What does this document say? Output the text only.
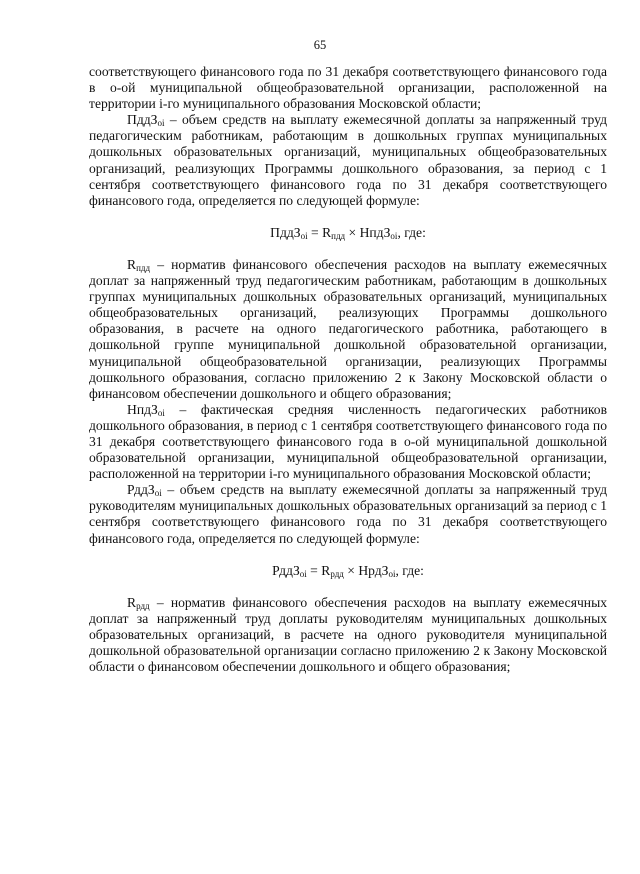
65

соответствующего финансового года по 31 декабря соответствующего финансового года в о-ой муниципальной общеобразовательной организации, расположенной на территории i-го муниципального образования Московской области;

ПддЗ$_{oi}$ – объем средств на выплату ежемесячной доплаты за напряженный труд педагогическим работникам, работающим в дошкольных группах муниципальных дошкольных образовательных организаций, муниципальных общеобразовательных организаций, реализующих Программы дошкольного образования, за период с 1 сентября соответствующего финансового года по 31 декабря соответствующего финансового года, определяется по следующей формуле:

ПддЗ$_{oi}$ = $R_{пдд}$ × НпдЗ$_{oi}$, где:

$R_{пдд}$ – норматив финансового обеспечения расходов на выплату ежемесячных доплат за напряженный труд педагогическим работникам, работающим в дошкольных группах муниципальных дошкольных образовательных организаций, муниципальных общеобразовательных организаций, реализующих Программы дошкольного образования, в расчете на одного педагогического работника, работающего в дошкольной группе муниципальной дошкольной образовательной организации, муниципальной общеобразовательной организации, реализующих Программы дошкольного образования, согласно приложению 2 к Закону Московской области о финансовом обеспечении дошкольного и общего образования;

НпдЗ$_{oi}$ – фактическая средняя численность педагогических работников дошкольного образования, в период с 1 сентября соответствующего финансового года по 31 декабря соответствующего финансового года в о-ой муниципальной дошкольной образовательной организации, муниципальной общеобразовательной организации, расположенной на территории i-го муниципального образования Московской области;

РддЗ$_{oi}$ – объем средств на выплату ежемесячной доплаты за напряженный труд руководителям муниципальных дошкольных образовательных организаций за период с 1 сентября соответствующего финансового года по 31 декабря соответствующего финансового года, определяется по следующей формуле:

РддЗ$_{oi}$ = $R_{рдд}$ × НрдЗ$_{oi}$, где:

$R_{рдд}$ – норматив финансового обеспечения расходов на выплату ежемесячных доплат за напряженный труд доплаты руководителям муниципальных дошкольных образовательных организаций, в расчете на одного руководителя муниципальной дошкольной образовательной организации согласно приложению 2 к Закону Московской области о финансовом обеспечении дошкольного и общего образования;
